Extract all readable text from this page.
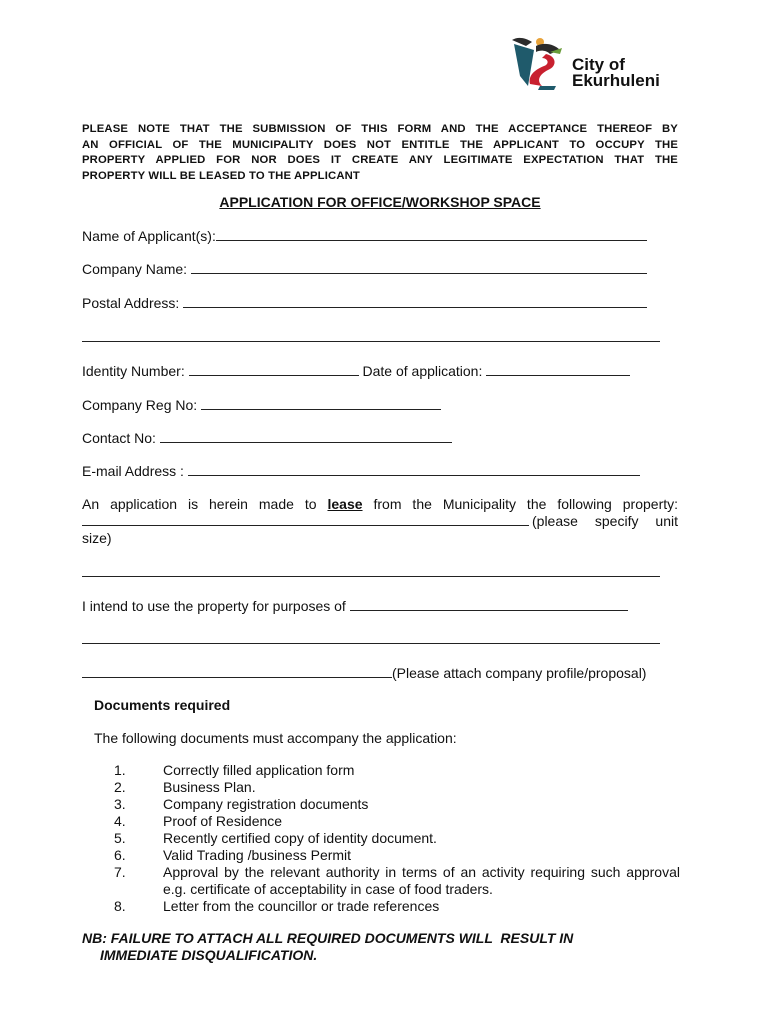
City of
Ekurhuleni
PLEASE NOTE THAT THE SUBMISSION OF THIS FORM AND THE ACCEPTANCE THEREOF BY
AN OFFICIAL OF THE MUNICIPALITY DOES NOT ENTITLE THE APPLICANT TO OCCUPY THE
PROPERTY APPLIED FOR NOR DOES IT CREATE ANY LEGITIMATE EXPECTATION THAT THE
PROPERTY WILL BE LEASED TO THE APPLICANT
APPLICATION FOR OFFICE/WORKSHOP SPACE
Name of Applicant(s):
Company Name:
Postal Address:
Identity Number:	Date of application:
Company Reg No:
Contact No:
E-mail Address :
An application is herein made to lease from the Municipality the following property:
(please specify unit
size)
I intend to use the property for purposes of
(Please attach company profile/proposal)
Documents required
The following documents must accompany the application:
1.	Correctly filled application form
2.	Business Plan.
3.	Company registration documents
4.	Proof of Residence
5.	Recently certified copy of identity document.
6.	Valid Trading /business Permit
7.	Approval by the relevant authority in terms of an activity requiring such approval    e.g. certificate of acceptability in case of food traders.
8.	Letter from the councillor or trade references
NB: FAILURE TO ATTACH ALL REQUIRED DOCUMENTS WILL  RESULT IN
IMMEDIATE DISQUALIFICATION.
